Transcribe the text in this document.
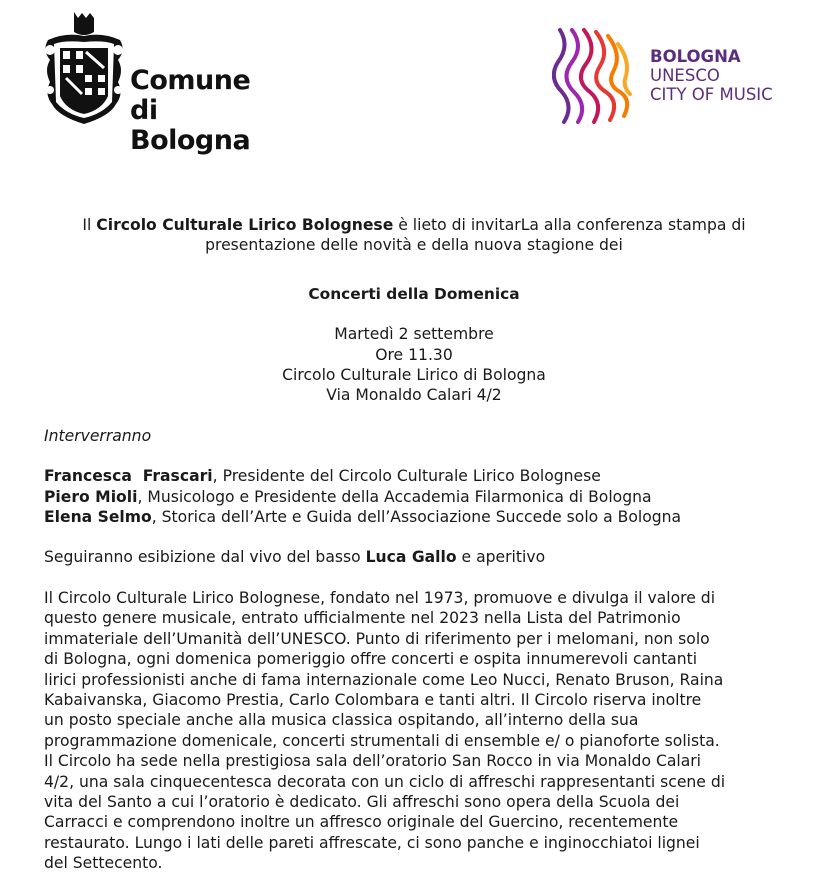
Comune
di Bologna
BOLOGNA
UNESCO
CITY OF MUSIC

Il Circolo Culturale Lirico Bolognese è lieto di invitarLa alla conferenza stampa di

presentazione delle novità e della nuova stagione dei

Concerti della Domenica

Martedì 2 settembre

Ore 11.30

Circolo Culturale Lirico di Bologna

Via Monaldo Calari 4/2

Interverranno

Francesca  Frascari, Presidente del Circolo Culturale Lirico Bolognese

Piero Mioli, Musicologo e Presidente della Accademia Filarmonica di Bologna

Elena Selmo, Storica dell’Arte e Guida dell’Associazione Succede solo a Bologna

Seguiranno esibizione dal vivo del basso Luca Gallo e aperitivo

Il Circolo Culturale Lirico Bolognese, fondato nel 1973, promuove e divulga il valore di

questo genere musicale, entrato ufficialmente nel 2023 nella Lista del Patrimonio

immateriale dell’Umanità dell’UNESCO. Punto di riferimento per i melomani, non solo

di Bologna, ogni domenica pomeriggio offre concerti e ospita innumerevoli cantanti

lirici professionisti anche di fama internazionale come Leo Nucci, Renato Bruson, Raina

Kabaivanska, Giacomo Prestia, Carlo Colombara e tanti altri. Il Circolo riserva inoltre

un posto speciale anche alla musica classica ospitando, all’interno della sua

programmazione domenicale, concerti strumentali di ensemble e/ o pianoforte solista.

Il Circolo ha sede nella prestigiosa sala dell’oratorio San Rocco in via Monaldo Calari

4/2, una sala cinquecentesca decorata con un ciclo di affreschi rappresentanti scene di

vita del Santo a cui l’oratorio è dedicato. Gli affreschi sono opera della Scuola dei

Carracci e comprendono inoltre un affresco originale del Guercino, recentemente

restaurato. Lungo i lati delle pareti affrescate, ci sono panche e inginocchiatoi lignei

del Settecento.
